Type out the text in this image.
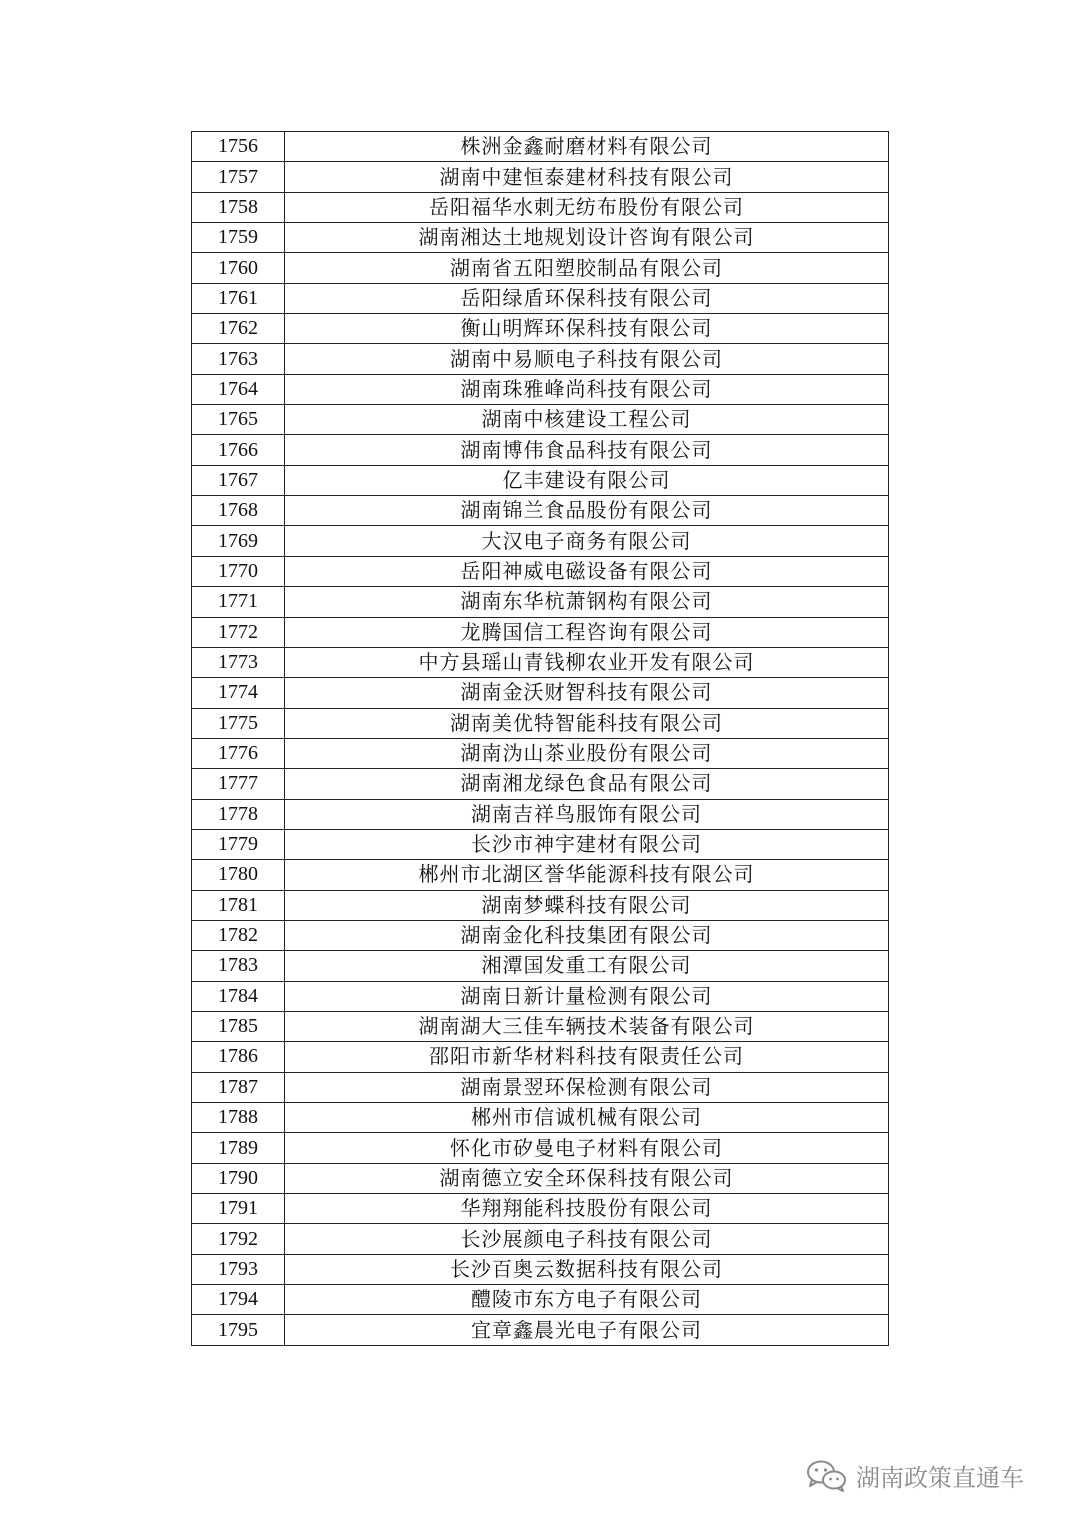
1756	株洲金鑫耐磨材料有限公司
1757	湖南中建恒泰建材科技有限公司
1758	岳阳福华水刺无纺布股份有限公司
1759	湖南湘达土地规划设计咨询有限公司
1760	湖南省五阳塑胶制品有限公司
1761	岳阳绿盾环保科技有限公司
1762	衡山明辉环保科技有限公司
1763	湖南中易顺电子科技有限公司
1764	湖南珠雅峰尚科技有限公司
1765	湖南中核建设工程公司
1766	湖南博伟食品科技有限公司
1767	亿丰建设有限公司
1768	湖南锦兰食品股份有限公司
1769	大汉电子商务有限公司
1770	岳阳神威电磁设备有限公司
1771	湖南东华杭萧钢构有限公司
1772	龙腾国信工程咨询有限公司
1773	中方县瑶山青钱柳农业开发有限公司
1774	湖南金沃财智科技有限公司
1775	湖南美优特智能科技有限公司
1776	湖南沩山茶业股份有限公司
1777	湖南湘龙绿色食品有限公司
1778	湖南吉祥鸟服饰有限公司
1779	长沙市神宇建材有限公司
1780	郴州市北湖区誉华能源科技有限公司
1781	湖南梦蝶科技有限公司
1782	湖南金化科技集团有限公司
1783	湘潭国发重工有限公司
1784	湖南日新计量检测有限公司
1785	湖南湖大三佳车辆技术装备有限公司
1786	邵阳市新华材料科技有限责任公司
1787	湖南景翌环保检测有限公司
1788	郴州市信诚机械有限公司
1789	怀化市矽曼电子材料有限公司
1790	湖南德立安全环保科技有限公司
1791	华翔翔能科技股份有限公司
1792	长沙展颜电子科技有限公司
1793	长沙百奥云数据科技有限公司
1794	醴陵市东方电子有限公司
1795	宜章鑫晨光电子有限公司
湖南政策直通车
